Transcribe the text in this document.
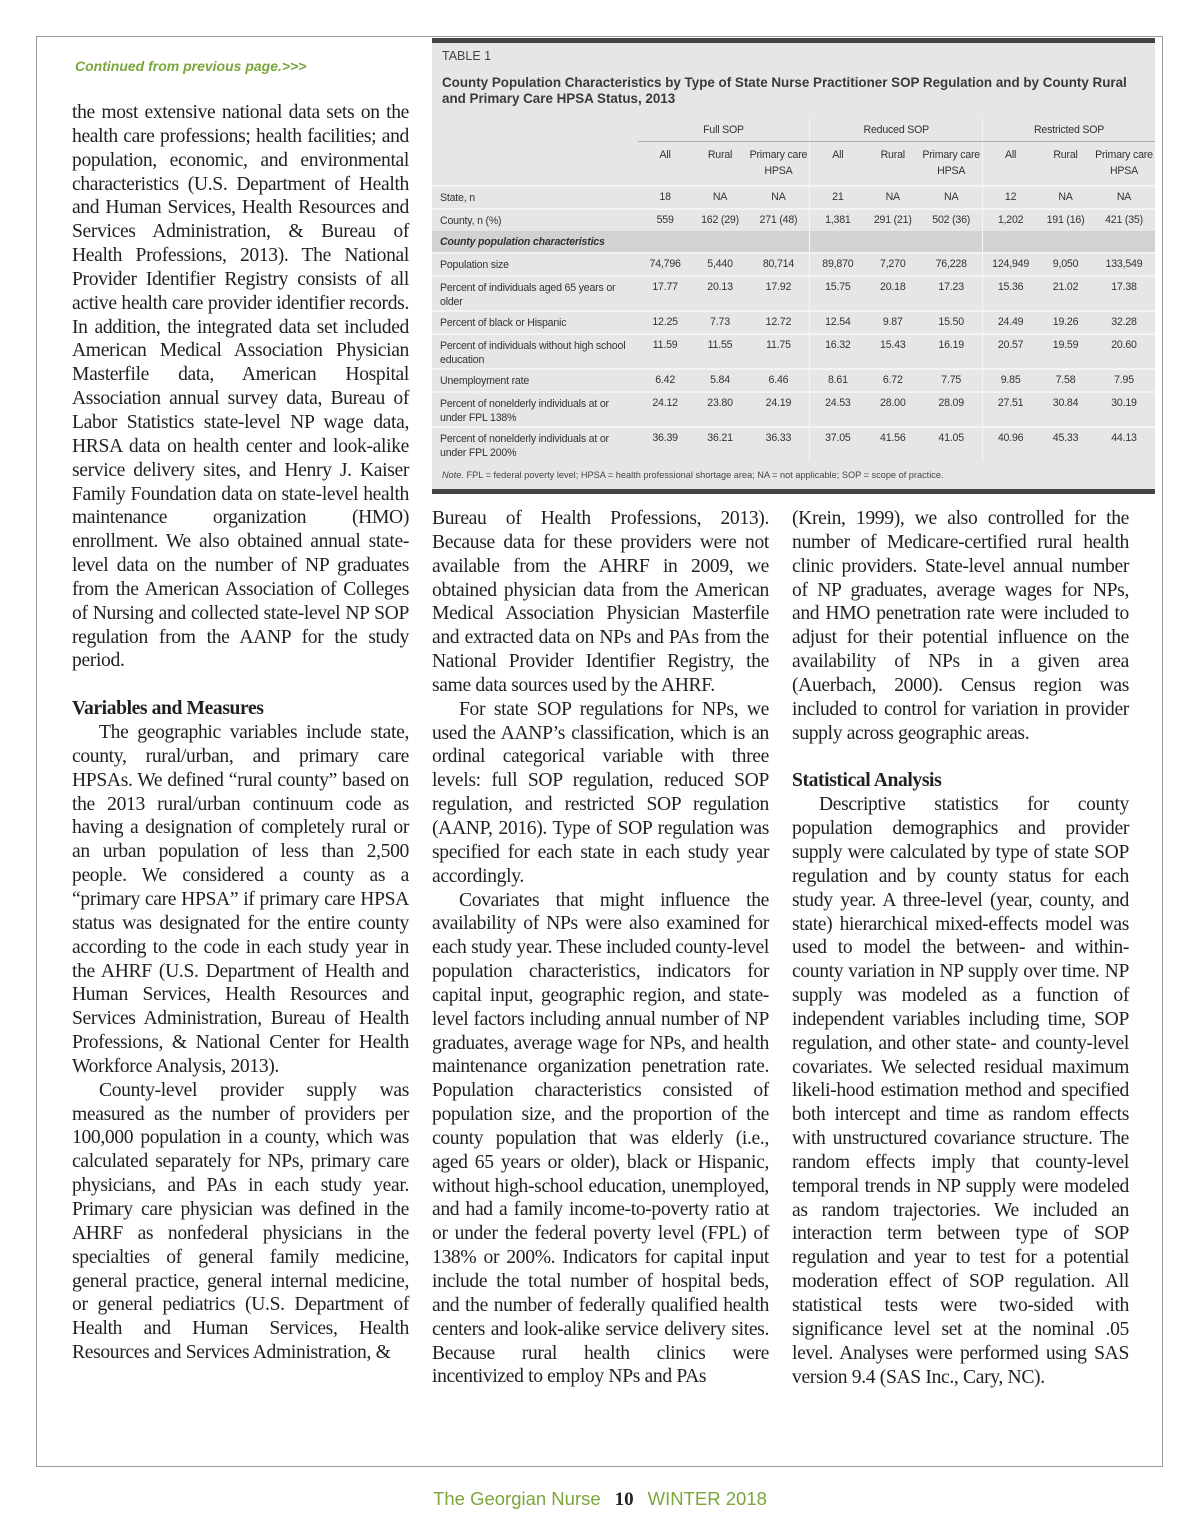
Continued from previous page.>>>

the most extensive national data sets on the health care professions; health facilities; and population, economic, and environmental characteristics (U.S. Department of Health and Human Services, Health Resources and Services Administration, & Bureau of Health Professions, 2013). The National Provider Identifier Registry consists of all active health care provider identifier records. In addition, the integrated data set included American Medical Association Physician Masterfile data, American Hospital Association annual survey data, Bureau of Labor Statistics state-level NP wage data, HRSA data on health center and look-alike service delivery sites, and Henry J. Kaiser Family Foundation data on state-level health maintenance organization (HMO) enrollment. We also obtained annual state-level data on the number of NP graduates from the American Association of Colleges of Nursing and collected state-level NP SOP regulation from the AANP for the study period.

Variables and Measures

The geographic variables include state, county, rural/urban, and primary care HPSAs. We defined “rural county” based on the 2013 rural/urban continuum code as having a designation of completely rural or an urban population of less than 2,500 people. We considered a county as a “primary care HPSA” if primary care HPSA status was designated for the entire county according to the code in each study year in the AHRF (U.S. Department of Health and Human Services, Health Resources and Services Administration, Bureau of Health Professions, & National Center for Health Workforce Analysis, 2013).

County-level provider supply was measured as the number of providers per 100,000 population in a county, which was calculated separately for NPs, primary care physicians, and PAs in each study year. Primary care physician was defined in the AHRF as nonfederal physicians in the specialties of general family medicine, general practice, general internal medicine, or general pediatrics (U.S. Department of Health and Human Services, Health Resources and Services Administration, &

TABLE 1
County Population Characteristics by Type of State Nurse Practitioner SOP Regulation and by County Rural and Primary Care HPSA Status, 2013
	Full SOP			Reduced SOP			Restricted SOP		
	All	Rural	Primary care HPSA	All	Rural	Primary care HPSA	All	Rural	Primary care HPSA
State, n	18	NA	NA	21	NA	NA	12	NA	NA
County, n (%)	559	162 (29)	271 (48)	1,381	291 (21)	502 (36)	1,202	191 (16)	421 (35)
County population characteristics									
Population size	74,796	5,440	80,714	89,870	7,270	76,228	124,949	9,050	133,549
Percent of individuals aged 65 years or older	17.77	20.13	17.92	15.75	20.18	17.23	15.36	21.02	17.38
Percent of black or Hispanic	12.25	7.73	12.72	12.54	9.87	15.50	24.49	19.26	32.28
Percent of individuals without high school education	11.59	11.55	11.75	16.32	15.43	16.19	20.57	19.59	20.60
Unemployment rate	6.42	5.84	6.46	8.61	6.72	7.75	9.85	7.58	7.95
Percent of nonelderly individuals at or under FPL 138%	24.12	23.80	24.19	24.53	28.00	28.09	27.51	30.84	30.19
Percent of nonelderly individuals at or under FPL 200%	36.39	36.21	36.33	37.05	41.56	41.05	40.96	45.33	44.13
Note. FPL = federal poverty level; HPSA = health professional shortage area; NA = not applicable; SOP = scope of practice.

Bureau of Health Professions, 2013). Because data for these providers were not available from the AHRF in 2009, we obtained physician data from the American Medical Association Physician Masterfile and extracted data on NPs and PAs from the National Provider Identifier Registry, the same data sources used by the AHRF.

For state SOP regulations for NPs, we used the AANP’s classification, which is an ordinal categorical variable with three levels: full SOP regulation, reduced SOP regulation, and restricted SOP regulation (AANP, 2016). Type of SOP regulation was specified for each state in each study year accordingly.

Covariates that might influence the availability of NPs were also examined for each study year. These included county-level population characteristics, indicators for capital input, geographic region, and state-level factors including annual number of NP graduates, average wage for NPs, and health maintenance organization penetration rate. Population characteristics consisted of population size, and the proportion of the county population that was elderly (i.e., aged 65 years or older), black or Hispanic, without high-school education, unemployed, and had a family income-to-poverty ratio at or under the federal poverty level (FPL) of 138% or 200%. Indicators for capital input include the total number of hospital beds, and the number of federally qualified health centers and look-alike service delivery sites. Because rural health clinics were incentivized to employ NPs and PAs

(Krein, 1999), we also controlled for the number of Medicare-certified rural health clinic providers. State-level annual number of NP graduates, average wages for NPs, and HMO penetration rate were included to adjust for their potential influence on the availability of NPs in a given area (Auerbach, 2000). Census region was included to control for variation in provider supply across geographic areas.

Statistical Analysis

Descriptive statistics for county population demographics and provider supply were calculated by type of state SOP regulation and by county status for each study year. A three-level (year, county, and state) hierarchical mixed-effects model was used to model the between- and within-county variation in NP supply over time. NP supply was modeled as a function of independent variables including time, SOP regulation, and other state- and county-level covariates. We selected residual maximum likeli-hood estimation method and specified both intercept and time as random effects with unstructured covariance structure. The random effects imply that county-level temporal trends in NP supply were modeled as random trajectories. We included an interaction term between type of SOP regulation and year to test for a potential moderation effect of SOP regulation. All statistical tests were two-sided with significance level set at the nominal .05 level. Analyses were performed using SAS version 9.4 (SAS Inc., Cary, NC).

The Georgian Nurse 10 WINTER 2018
